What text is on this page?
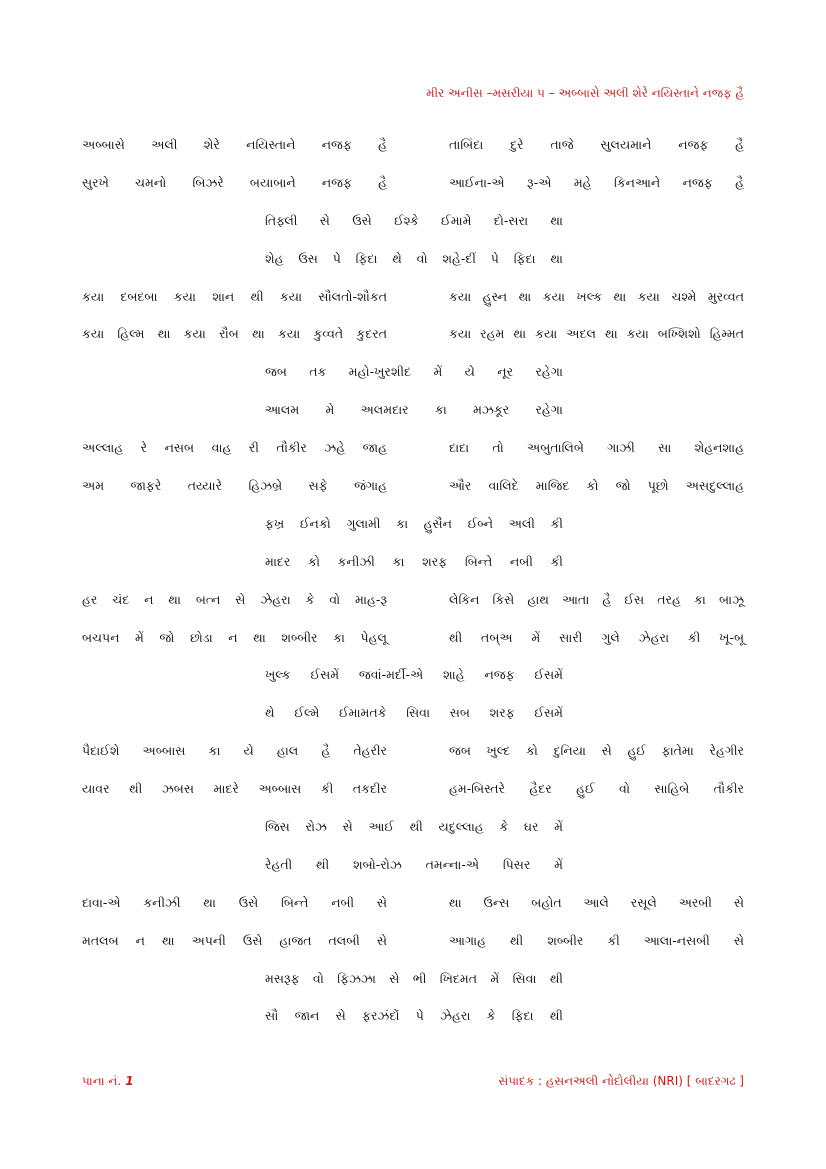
મીર અનીસ –મસરીયા ૫ – અબ્બાસે અલી શેરે નયિસ્તાને નજફ હૈ
અબ્બાસે અલી શેરે નયિસ્તાને નજફ હૈ	તાબિંદા દુરે તાજે સુલયમાને નજફ હૈ
સુરખે ચમનો બિઝરે બયાબાને નજફ હૈ	આઈના-એ રૂ-એ મહે કિનઆને નજફ હૈ
તિફ્લી સે ઉસે ઈશ્કે ઈમામે દો-સરા થા
શેહ ઉસ પે ફિદા થે વો શહે-દીં પે ફિદા થા
કયા દબદબા કયા શાન થી કયા સૌલતો-શૌકત	કયા હુસ્ન થા કયા ખલ્ક થા કયા ચશ્મે મુરવ્વત
કયા હિલ્મ થા કયા રૌબ થા કયા કુવ્વતે કુદરત	કયા રહમ થા કયા અદલ થા કયા બખ્શિશો હિમ્મત
જબ તક મહો-ખુરશીદ મેં યે નૂર રહેગા
આલમ મે અલમદાર કા મઝકૂર રહેગા
અલ્લાહ રે નસબ વાહ રી તૌકીર ઝહે જાહ	દાદા તો અબુતાલિબે ગાઝી સા શેહનશાહ
અમ જાફરે તય્યારે હિઝબ્રે સફે જંગાહ	ઔર વાલિદે માજિદ કો જો પૂછો અસદુલ્લાહ
ફખ્ર ઈનકો ગુલામી કા હુસૈન ઈબ્ને અલી કી
માદર કો કનીઝી કા શરફ બિન્તે નબી કી
હર ચંદ ન થા બત્ન સે ઝેહરા કે વો માહ-રૂ	લેકિન કિસે હાથ આતા હૈ ઈસ તરહ કા બાઝૂ
બચપન મેં જો છોડા ન થા શબ્બીર કા પેહલૂ	થી તબ્અ મેં સારી ગુલે ઝેહરા કી ખૂ-બૂ
ખુલ્ક ઈસમેં જવાં-મર્દી-એ શાહે નજફ ઈસમેં
થે ઈલ્મે ઈમામતકે સિવા સબ શરફ ઈસમેં
પૈદાઈશે અબ્બાસ કા યે હાલ હૈ તેહરીર	જબ ખુલ્દ કો દુનિયા સે હુઈ ફાતેમા રેહગીર
યાવર થી ઝબસ માદરે અબ્બાસ કી તકદીર	હમ-બિસ્તરે હૈદર હુઈ વો સાહિબે તૌકીર
જિસ રોઝ સે આઈ થી યદુલ્લાહ કે ઘર મેં
રેહતી થી શબો-રોઝ તમન્ના-એ પિસર મેં
દાવા-એ કનીઝી થા ઉસે બિન્તે નબી સે	થા ઉન્સ બહોત આલે રસૂલે અરબી સે
મતલબ ન થા અપની ઉસે હાજત તલબી સે	આગાહ થી શબ્બીર કી આલા-નસબી સે
મસરૂફ વો ફિઝઝા સે ભી ખિદમત મેં સિવા થી
સૌ જાન સે ફરઝંદોં પે ઝેહરા કે ફિદા થી
પાના નં. 1	સંપાદક : હસનઅલી નોદોલીયા (NRI) [ બાદરગઢ ]
